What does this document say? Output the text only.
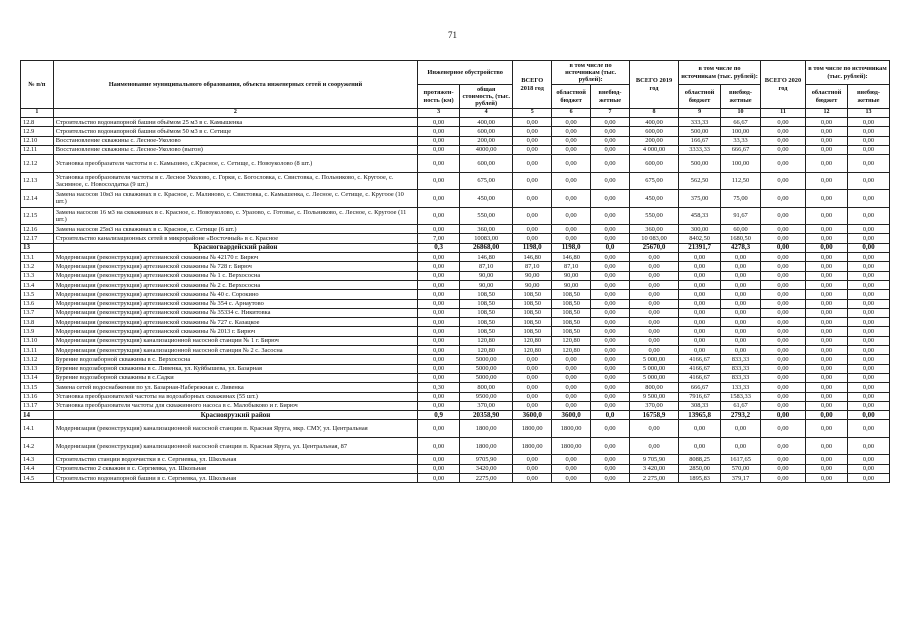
71
№ п/п	Наименование муниципального образования, объекта инженерных сетей и сооружений	Инженерное обустройство		ВСЕГО 2018 год	в том числе по источникам (тыс. рублей):		ВСЕГО 2019 год	в том числе по источникам (тыс. рублей):		ВСЕГО 2020 год	в том числе по источникам (тыс. рублей):	
		протяжен-ность (км)	общая стоимость, (тыс. рублей)		областной бюджет	внебюд-жетные		областной бюджет	внебюд-жетные		областной бюджет	внебюд-жетные
1	2	3	4	5	6	7	8	9	10	11	12	13
12.8	Строительство водонапорной башни объёмом 25 м3 в с. Камышенка	0,00	400,00	0,00	0,00	0,00	400,00	333,33	66,67	0,00	0,00	0,00
12.9	Строительство водонапорной башни объёмом 50 м3 в с. Сетище	0,00	600,00	0,00	0,00	0,00	600,00	500,00	100,00	0,00	0,00	0,00
12.10	Восстановление скважины с. Лесное-Уколово	0,00	200,00	0,00	0,00	0,00	200,00	166,67	33,33	0,00	0,00	0,00
12.11	Восстановление скважины с. Лесное-Уколово (выгон)	0,00	4000,00	0,00	0,00	0,00	4 000,00	3333,33	666,67	0,00	0,00	0,00
12.12	Установка преобразателя частоты в с. Камызино, с.Красное, с. Сетище, с. Новоуколово (8 шт.)	0,00	600,00	0,00	0,00	0,00	600,00	500,00	100,00	0,00	0,00	0,00
12.13	Установка преобразователя частоты в с. Лесное Уколово, с. Горки, с. Богословка, с. Свистовка, с. Польниково, с. Кругоое, с. Засимное, с. Новосолдатка (9 шт.)	0,00	675,00	0,00	0,00	0,00	675,00	562,50	112,50	0,00	0,00	0,00
12.14	Замена насосов 10м3 на скважинах в с. Красное, с. Малиново, с. Свистовка, с. Камышенка, с. Лесное, с. Сетище, с. Кругоое (10 шт.)	0,00	450,00	0,00	0,00	0,00	450,00	375,00	75,00	0,00	0,00	0,00
12.15	Замена насосов 16 м3 на скважинах в с. Красное, с. Новоуколово, с. Уразово, с. Готовье, с. Польниково, с. Лесное, с. Кругоое (11 шт.)	0,00	550,00	0,00	0,00	0,00	550,00	458,33	91,67	0,00	0,00	0,00
12.16	Замена насосов 25м3 на скважинах в с. Красное, с. Сетище (6 шт.)	0,00	360,00	0,00	0,00	0,00	360,00	300,00	60,00	0,00	0,00	0,00
12.17	Строительство канализационных сетей в микрорайоне «Восточный» в с. Красное	7,00	10083,00	0,00	0,00	0,00	10 083,00	8402,50	1680,50	0,00	0,00	0,00
13	Красногвардейский район	0,3	26868,00	1198,0	1198,0	0,0	25670,0	21391,7	4278,3	0,00	0,00	0,00
13.1	Модернизация (реконструкция) артезианской скважины № 42170 г. Бирюч	0,00	146,80	146,80	146,80	0,00	0,00	0,00	0,00	0,00	0,00	0,00
13.2	Модернизация (реконструкция) артезианской скважины № 728 г. Бирюч	0,00	87,10	87,10	87,10	0,00	0,00	0,00	0,00	0,00	0,00	0,00
13.3	Модернизация (реконструкция) артезианской скважины № 1 с. Верхососна	0,00	90,00	90,00	90,00	0,00	0,00	0,00	0,00	0,00	0,00	0,00
13.4	Модернизация (реконструкция) артезианской скважины № 2 с. Верхососна	0,00	90,00	90,00	90,00	0,00	0,00	0,00	0,00	0,00	0,00	0,00
13.5	Модернизация (реконструкция) артезианской скважины № 40 с. Сорокино	0,00	108,50	108,50	108,50	0,00	0,00	0,00	0,00	0,00	0,00	0,00
13.6	Модернизация (реконструкция) артезианской скважины № 354 с. Арнаутово	0,00	108,50	108,50	108,50	0,00	0,00	0,00	0,00	0,00	0,00	0,00
13.7	Модернизация (реконструкция) артезианской скважины № 35334 с. Никитовка	0,00	108,50	108,50	108,50	0,00	0,00	0,00	0,00	0,00	0,00	0,00
13.8	Модернизация (реконструкция) артезианской скважины № 727 с. Казацкое	0,00	108,50	108,50	108,50	0,00	0,00	0,00	0,00	0,00	0,00	0,00
13.9	Модернизация (реконструкция) артезианской скважины № 2013 г. Бирюч	0,00	108,50	108,50	108,50	0,00	0,00	0,00	0,00	0,00	0,00	0,00
13.10	Модернизация (реконструкция) канализационной насосной станции № 1 г. Бирюч	0,00	120,80	120,80	120,80	0,00	0,00	0,00	0,00	0,00	0,00	0,00
13.11	Модернизация (реконструкция) канализационной насосной станция № 2 с. Засосна	0,00	120,80	120,80	120,80	0,00	0,00	0,00	0,00	0,00	0,00	0,00
13.12	Бурение водозаборной скважины в с. Верхососна	0,00	5000,00	0,00	0,00	0,00	5 000,00	4166,67	833,33	0,00	0,00	0,00
13.13	Бурение водозаборной скважины в с. Ливенка, ул. Куйбышева, ул. Базарная	0,00	5000,00	0,00	0,00	0,00	5 000,00	4166,67	833,33	0,00	0,00	0,00
13.14	Бурение водозаборной скважины в с.Садки	0,00	5000,00	0,00	0,00	0,00	5 000,00	4166,67	833,33	0,00	0,00	0,00
13.15	Замена сетей водоснабжения по ул. Базарная-Набережная с. Ливенка	0,30	800,00	0,00	0,00	0,00	800,00	666,67	133,33	0,00	0,00	0,00
13.16	Установка преобразователей частоты на водозаборных скважинах (55 шт.)	0,00	9500,00	0,00	0,00	0,00	9 500,00	7916,67	1583,33	0,00	0,00	0,00
13.17	Установка преобразователя частоты для скважинного насоса в с. Малобыково и г. Бирюч	0,00	370,00	0,00	0,00	0,00	370,00	308,33	61,67	0,00	0,00	0,00
14	Красноярузкий район	0,9	20358,90	3600,0	3600,0	0,0	16758,9	13965,8	2793,2	0,00	0,00	0,00
14.1	Модернизация (реконструкция) канализационной насосной станции п. Красная Яруга, мкр. СМУ, ул. Центральная	0,00	1800,00	1800,00	1800,00	0,00	0,00	0,00	0,00	0,00	0,00	0,00
14.2	Модернизация (реконструкция) канализационной насосной станции п. Красная Яруга, ул. Центральная, 87	0,00	1800,00	1800,00	1800,00	0,00	0,00	0,00	0,00	0,00	0,00	0,00
14.3	Строительство станции водоочистки в с. Сергиевка, ул. Школьная	0,00	9705,90	0,00	0,00	0,00	9 705,90	8088,25	1617,65	0,00	0,00	0,00
14.4	Строительство 2 скважин в с. Сергиевка, ул. Школьная	0,00	3420,00	0,00	0,00	0,00	3 420,00	2850,00	570,00	0,00	0,00	0,00
14.5	Строительство водонапорной башни в с. Сергиевка, ул. Школьная	0,00	2275,00	0,00	0,00	0,00	2 275,00	1895,83	379,17	0,00	0,00	0,00
